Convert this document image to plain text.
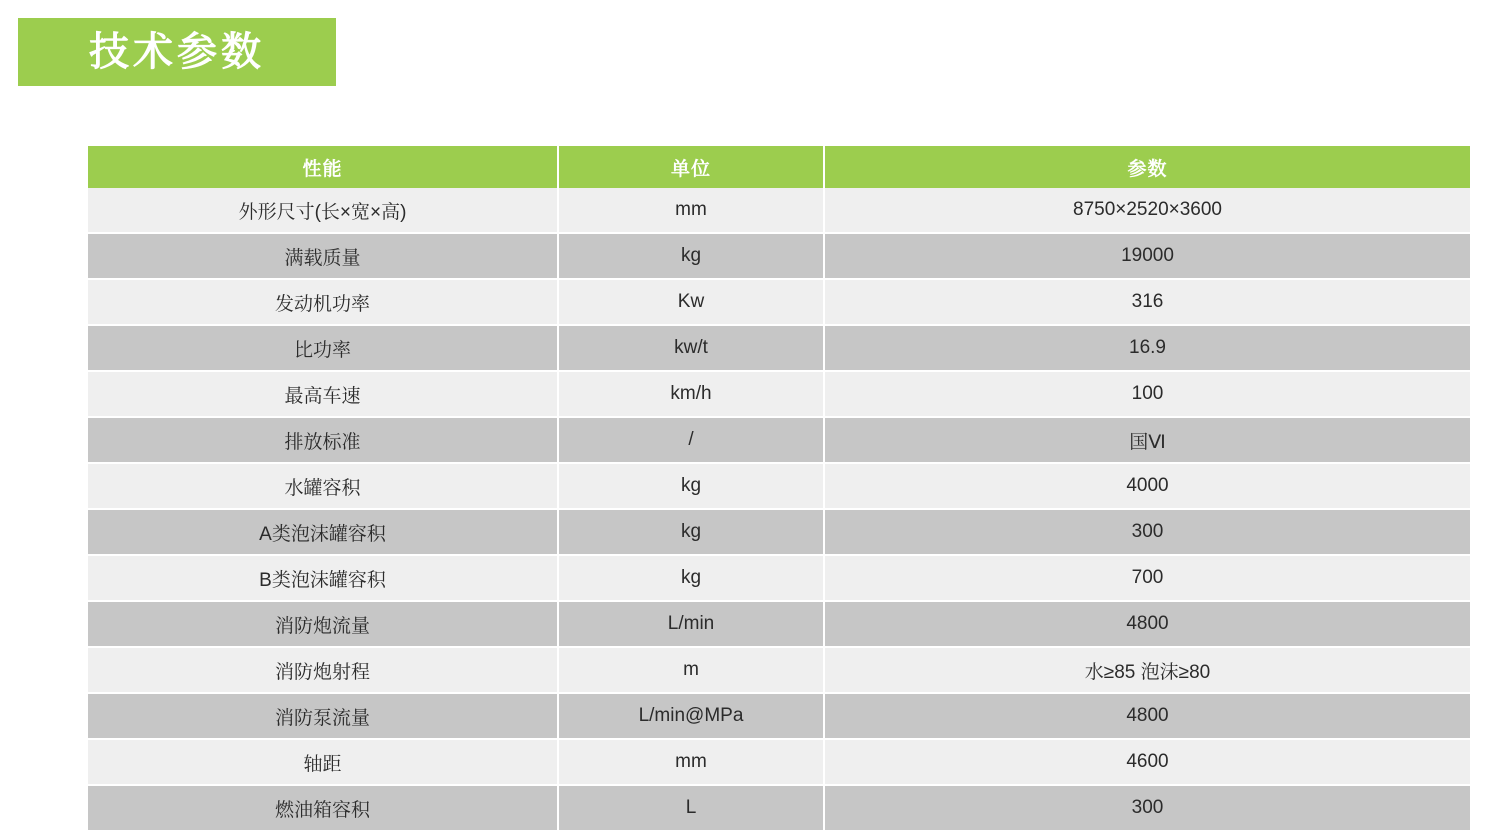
技术参数
性能	单位	参数
外形尺寸(长×宽×高)	mm	8750×2520×3600
满载质量	kg	19000
发动机功率	Kw	316
比功率	kw/t	16.9
最高车速	km/h	100
排放标准	/	国Ⅵ
水罐容积	kg	4000
A类泡沫罐容积	kg	300
B类泡沫罐容积	kg	700
消防炮流量	L/min	4800
消防炮射程	m	水≥85 泡沫≥80
消防泵流量	L/min@MPa	4800
轴距	mm	4600
燃油箱容积	L	300
